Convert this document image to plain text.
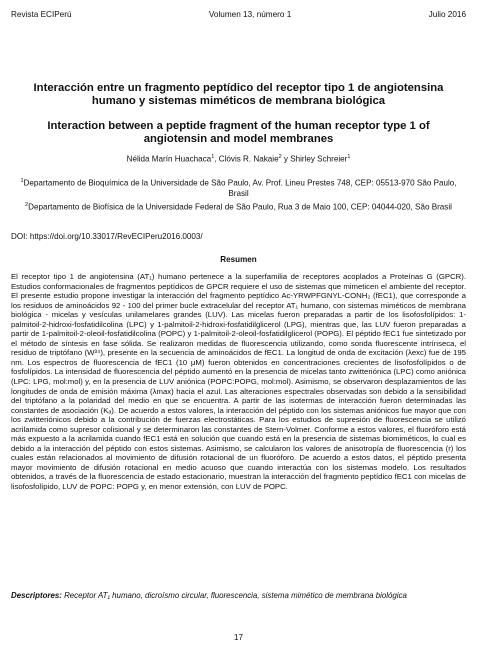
Revista ECIPerú	Volumen 13, número 1	Julio 2016
Interacción entre un fragmento peptídico del receptor tipo 1 de angiotensina humano y sistemas miméticos de membrana biológica
Interaction between a peptide fragment of the human receptor type 1 of angiotensin and model membranes
Nélida Marín Huachaca$^1$, Clóvis R. Nakaie$^2$ y Shirley Schreier$^1$
$^1$Departamento de Bioquímica de la Universidade de São Paulo, Av. Prof. Lineu Prestes 748, CEP: 05513-970 São Paulo, Brasil
$^2$Departamento de Biofísica de la Universidade Federal de São Paulo, Rua 3 de Maio 100, CEP: 04044-020, São Brasil
DOI: https://doi.org/10.33017/RevECIPeru2016.0003/
Resumen

El receptor tipo 1 de angiotensina (AT₁) humano pertenece a la superfamilia de receptores acoplados a Proteínas G (GPCR). Estudios conformacionales de fragmentos peptídicos de GPCR requiere el uso de sistemas que mimeticen el ambiente del receptor. El presente estudio propone investigar la interacción del fragmento peptídico Ac-YRWPFGNYL-CONH₂ (fEC1), que corresponde a los residuos de aminoácidos 92 - 100 del primer bucle extracelular del receptor AT₁ humano, con sistemas miméticos de membrana biológica - micelas y vesículas unilamelares grandes (LUV). Las micelas fueron preparadas a partir de los lisofosfolípidos: 1-palmitoil-2-hidroxi-fosfatidilcolina (LPC) y 1-palmitoil-2-hidroxi-fosfatidilglicerol (LPG), mientras que, las LUV fueron preparadas a partir de 1-palmitoil-2-oleoil-fosfatidilcolina (POPC) y 1-palmitoil-2-oleoil-fosfatidilglicerol (POPG). El péptido fEC1 fue sintetizado por el método de síntesis en fase sólida. Se realizaron medidas de fluorescencia utilizando, como sonda fluorescente intrínseca, el residuo de triptófano (W³⁴), presente en la secuencia de aminoácidos de fEC1. La longitud de onda de excitación (λexc) fue de 195 nm. Los espectros de fluorescencia de fEC1 (10 μM) fueron obtenidos en concentraciones crecientes de lisofosfolípidos o de fosfolípidos. La intensidad de fluorescencia del péptido aumentó en la presencia de micelas tanto zwitteriónica (LPC) como aniónica (LPC: LPG, mol:mol) y, en la presencia de LUV aniónica (POPC:POPG, mol:mol). Asimismo, se observaron desplazamientos de las longitudes de onda de emisión máxima (λmax) hacia el azul. Las alteraciones espectrales observadas son debido a la sensibilidad del triptófano a la polaridad del medio en que se encuentra. A partir de las isotermas de interacción fueron determinadas las constantes de asociación (Kₐ). De acuerdo a estos valores, la interacción del péptido con los sistemas aniónicos fue mayor que con los zwitteriónicos debido a la contribución de fuerzas electrostáticas. Para los estudios de supresión de fluorescencia se utilizó acrilamida como supresor colisional y se determinaron las constantes de Stern-Volmer. Conforme a estos valores, el fluoróforo está más expuesto a la acrilamida cuando fEC1 está en solución que cuando está en la presencia de sistemas biomiméticos, lo cual es debido a la interacción del péptido con estos sistemas. Asimismo, se calcularon los valores de anisotropía de fluorescencia (r) los cuales están relacionados al movimiento de difusión rotacional de un fluoróforo. De acuerdo a estos datos, el péptido presenta mayor movimiento de difusión rotacional en medio acuoso que cuando interactúa con los sistemas modelo. Los resultados obtenidos, a través de la fluorescencia de estado estacionario, muestran la interacción del fragmento peptídico fEC1 con micelas de lisofosfolípido, LUV de POPC: POPG y, en menor extensión, con LUV de POPC.

Descriptores: Receptor AT₁ humano, dicroísmo circular, fluorescencia, sistema mimético de membrana biológica
17
